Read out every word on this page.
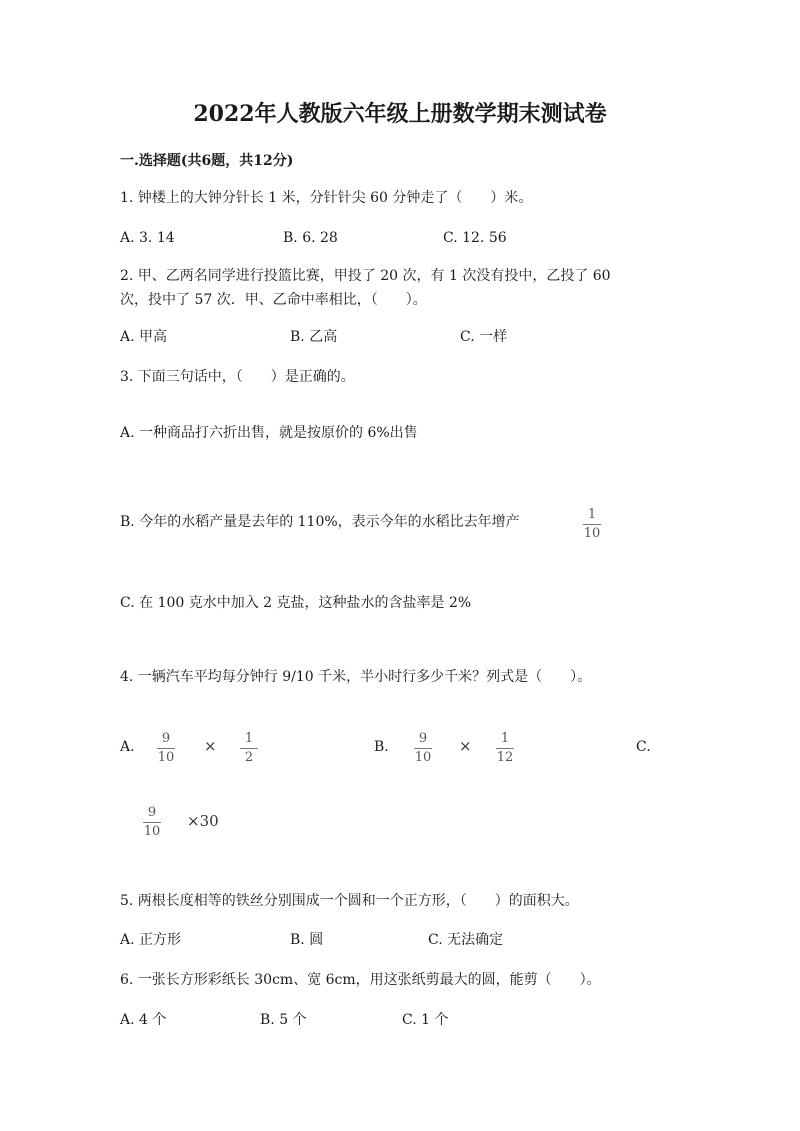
2022年人教版六年级上册数学期末测试卷
一.选择题(共6题，共12分)
1. 钟楼上的大钟分针长 1 米，分针针尖 60 分钟走了（　　）米。
A. 3. 14	B. 6. 28	C. 12. 56
2. 甲、乙两名同学进行投篮比赛，甲投了 20 次，有 1 次没有投中，乙投了 60
次，投中了 57 次．甲、乙命中率相比，（　　）。
A. 甲高	B. 乙高	C. 一样
3. 下面三句话中，（　　）是正确的。
A. 一种商品打六折出售，就是按原价的 6%出售
B. 今年的水稻产量是去年的 110%，表示今年的水稻比去年增产	1
10
C. 在 100 克水中加入 2 克盐，这种盐水的含盐率是 2%
4. 一辆汽车平均每分钟行 9/10 千米，半小时行多少千米？列式是（　　）。
A.
9
10
× 1
2
B.
9
10
× 1
12
C.
9
10
×30
5. 两根长度相等的铁丝分别围成一个圆和一个正方形，（　　）的面积大。
A. 正方形	B. 圆	C. 无法确定
6. 一张长方形彩纸长 30cm、宽 6cm，用这张纸剪最大的圆，能剪（　　）。
A. 4 个	B. 5 个	C. 1 个
